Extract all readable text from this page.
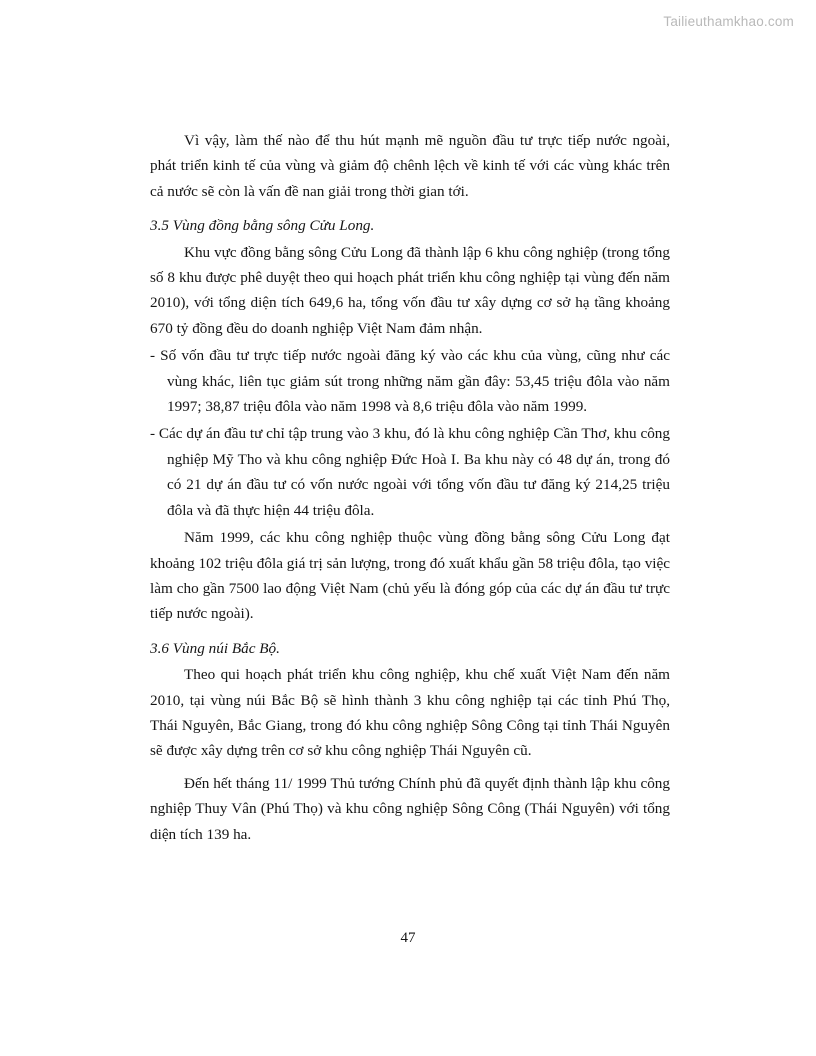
Tailieuthamkhao.com

Vì vậy, làm thế nào để thu hút mạnh mẽ nguồn đầu tư trực tiếp nước ngoài, phát triển kinh tế của vùng và giảm độ chênh lệch về kinh tế với các vùng khác trên cả nước sẽ còn là vấn đề nan giải trong thời gian tới.

3.5 Vùng đồng bằng sông Cửu Long.

Khu vực đồng bằng sông Cửu Long đã thành lập 6 khu công nghiệp (trong tổng số 8 khu được phê duyệt theo qui hoạch phát triển khu công nghiệp tại vùng đến năm 2010), với tổng diện tích 649,6 ha, tổng vốn đầu tư xây dựng cơ sở hạ tầng khoảng 670 tỷ đồng đều do doanh nghiệp Việt Nam đảm nhận.

- Số vốn đầu tư trực tiếp nước ngoài đăng ký vào các khu của vùng, cũng như các vùng khác, liên tục giảm sút trong những năm gần đây: 53,45 triệu đôla vào năm 1997; 38,87 triệu đôla vào năm 1998 và 8,6 triệu đôla vào năm 1999.

- Các dự án đầu tư chỉ tập trung vào 3 khu, đó là khu công nghiệp Cần Thơ, khu công nghiệp Mỹ Tho và khu công nghiệp Đức Hoà I. Ba khu này có 48 dự án, trong đó có 21 dự án đầu tư có vốn nước ngoài với tổng vốn đầu tư đăng ký 214,25 triệu đôla và đã thực hiện 44 triệu đôla.

Năm 1999, các khu công nghiệp thuộc vùng đồng bằng sông Cửu Long đạt khoảng 102 triệu đôla giá trị sản lượng, trong đó xuất khẩu gần 58 triệu đôla, tạo việc làm cho gần 7500 lao động Việt Nam (chủ yếu là đóng góp của các dự án đầu tư trực tiếp nước ngoài).

3.6 Vùng núi Bắc Bộ.

Theo qui hoạch phát triển khu công nghiệp, khu chế xuất Việt Nam đến năm 2010, tại vùng núi Bắc Bộ sẽ hình thành 3 khu công nghiệp tại các tỉnh Phú Thọ, Thái Nguyên, Bắc Giang, trong đó khu công nghiệp Sông Công tại tỉnh Thái Nguyên sẽ được xây dựng trên cơ sở khu công nghiệp Thái Nguyên cũ.

Đến hết tháng 11/ 1999 Thủ tướng Chính phủ đã quyết định thành lập khu công nghiệp Thuy Vân (Phú Thọ) và khu công nghiệp Sông Công (Thái Nguyên) với tổng diện tích 139 ha.

47
